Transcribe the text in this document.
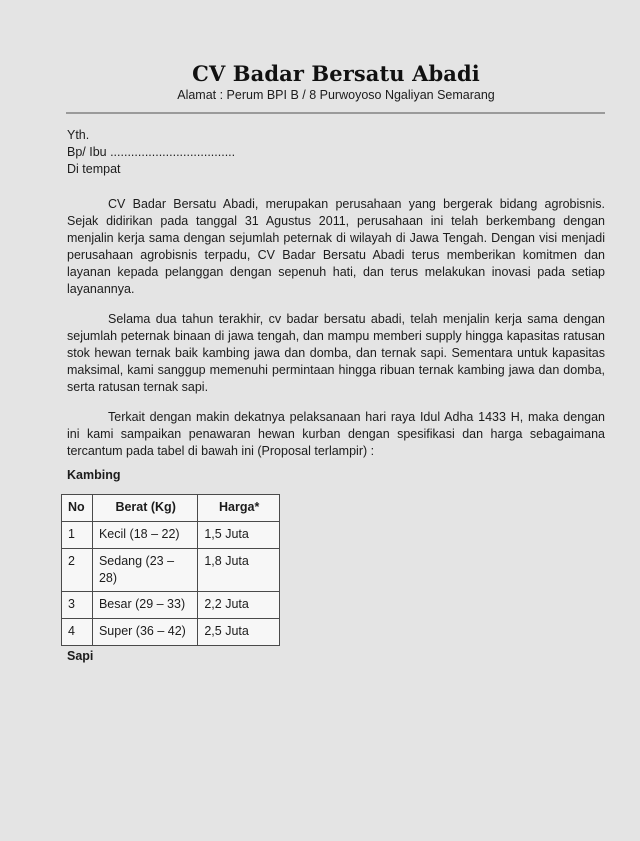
CV Badar Bersatu Abadi

Alamat : Perum BPI B / 8 Purwoyoso Ngaliyan Semarang

Yth.
Bp/ Ibu ....................................
Di tempat

CV Badar Bersatu Abadi, merupakan perusahaan yang bergerak bidang agrobisnis. Sejak didirikan pada tanggal 31 Agustus 2011, perusahaan ini telah berkembang dengan menjalin kerja sama dengan sejumlah peternak di wilayah di Jawa Tengah. Dengan visi menjadi perusahaan agrobisnis terpadu, CV Badar Bersatu Abadi terus memberikan komitmen dan layanan kepada pelanggan dengan sepenuh hati, dan terus melakukan inovasi pada setiap layanannya.

Selama dua tahun terakhir, cv badar bersatu abadi, telah menjalin kerja sama dengan sejumlah peternak binaan di jawa tengah, dan mampu memberi supply hingga kapasitas ratusan stok hewan ternak baik kambing jawa dan domba, dan ternak sapi. Sementara untuk kapasitas maksimal, kami sanggup memenuhi permintaan hingga ribuan ternak kambing jawa dan domba, serta ratusan ternak sapi.

Terkait dengan makin dekatnya pelaksanaan hari raya Idul Adha 1433 H, maka dengan ini kami sampaikan penawaran hewan kurban dengan spesifikasi dan harga sebagaimana tercantum pada tabel di bawah ini (Proposal terlampir) :

Kambing
No	Berat (Kg)	Harga*
1	Kecil (18 – 22)	1,5 Juta
2	Sedang (23 – 28)	1,8 Juta
3	Besar (29 – 33)	2,2 Juta
4	Super (36 – 42)	2,5 Juta
Sapi
